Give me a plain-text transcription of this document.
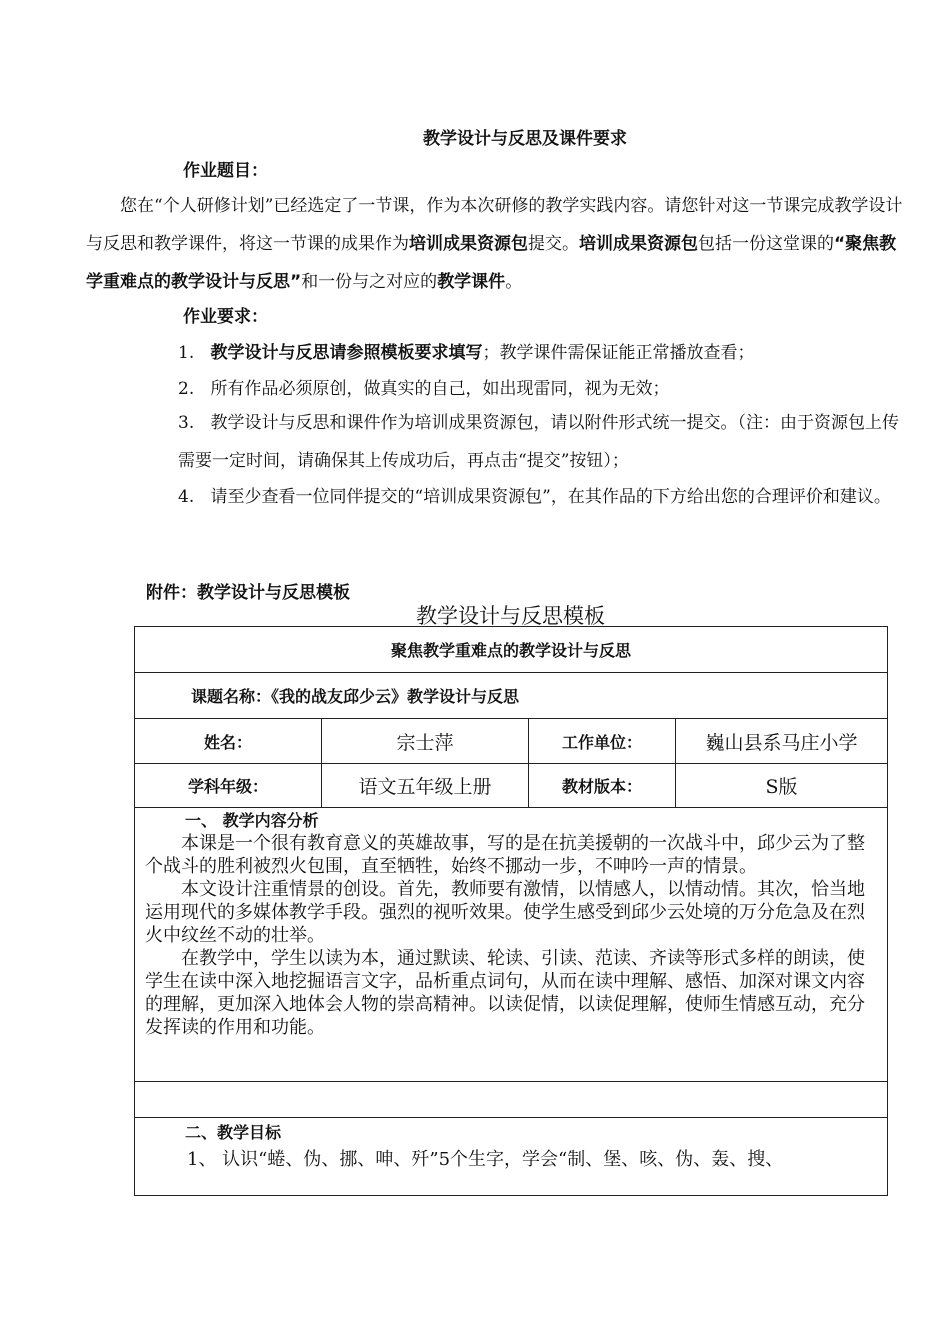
教学设计与反思及课件要求
作业题目：
您在“个人研修计划”已经选定了一节课，作为本次研修的教学实践内容。请您针对这一节课完成教学设计与反思和教学课件，将这一节课的成果作为培训成果资源包提交。培训成果资源包包括一份这堂课的“聚焦教学重难点的教学设计与反思”和一份与之对应的教学课件。
作业要求：
1. 教学设计与反思请参照模板要求填写；教学课件需保证能正常播放查看；
2. 所有作品必须原创，做真实的自己，如出现雷同，视为无效；
3. 教学设计与反思和课件作为培训成果资源包，请以附件形式统一提交。（注：由于资源包上传需要一定时间，请确保其上传成功后，再点击“提交”按钮）；
4. 请至少查看一位同伴提交的“培训成果资源包”，在其作品的下方给出您的合理评价和建议。
附件：教学设计与反思模板
教学设计与反思模板
聚焦教学重难点的教学设计与反思			
课题名称：《我的战友邱少云》教学设计与反思			
姓名：	宗士萍	工作单位：	巍山县系马庄小学
学科年级：	语文五年级上册	教材版本：	S版

一、 教学内容分析
本课是一个很有教育意义的英雄故事，写的是在抗美援朝的一次战斗中，邱少云为了整个战斗的胜利被烈火包围，直至牺牲，始终不挪动一步，不呻吟一声的情景。
本文设计注重情景的创设。首先，教师要有激情，以情感人，以情动情。其次，恰当地运用现代的多媒体教学手段。强烈的视听效果。使学生感受到邱少云处境的万分危急及在烈火中纹丝不动的壮举。
在教学中，学生以读为本，通过默读、轮读、引读、范读、齐读等形式多样的朗读，使学生在读中深入地挖掘语言文字，品析重点词句，从而在读中理解、感悟、加深对课文内容的理解，更加深入地体会人物的崇高精神。以读促情，以读促理解，使师生情感互动，充分发挥读的作用和功能。			

二、教学目标
1、 认识“蜷、伪、挪、呻、歼”5个生字，学会“制、堡、咳、伪、轰、搜、			
